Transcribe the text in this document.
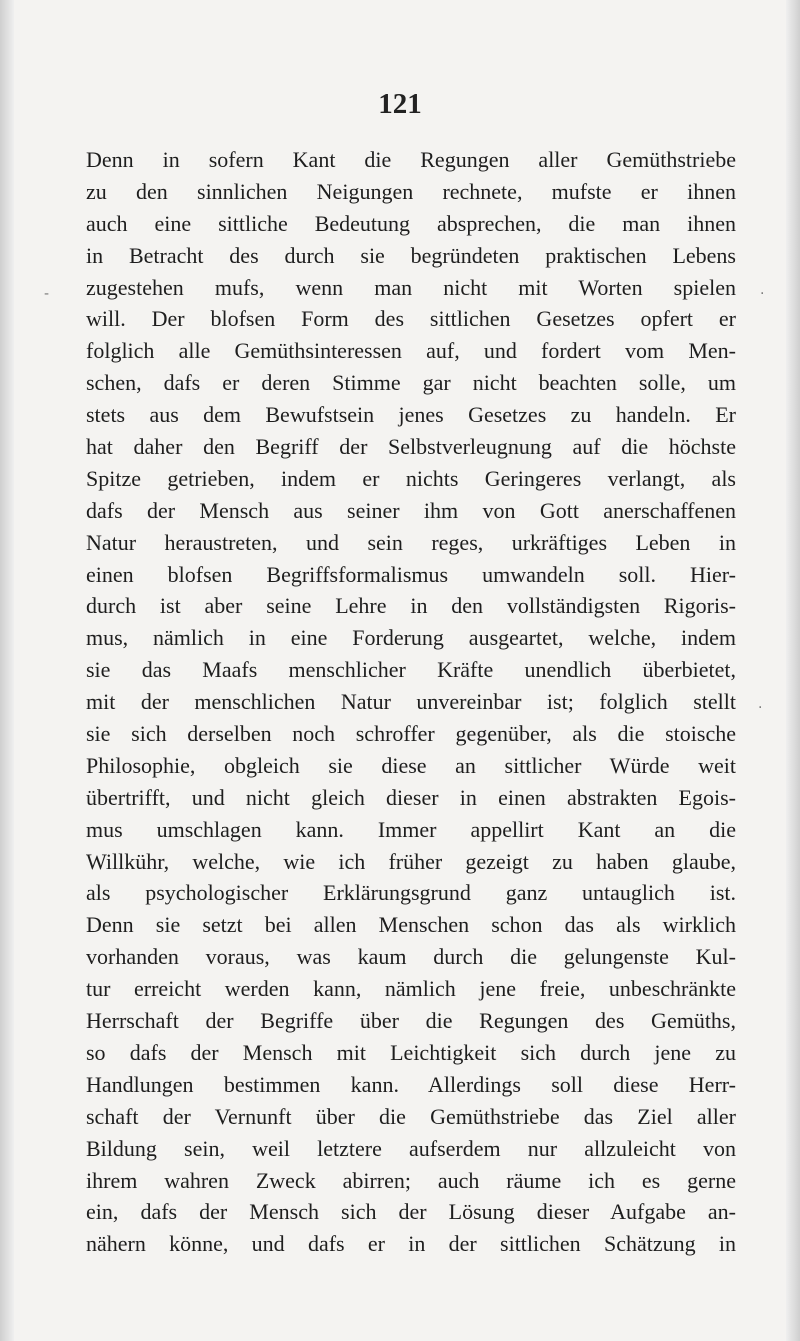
121
Denn in sofern Kant die Regungen aller Gemüthstriebe
zu den sinnlichen Neigungen rechnete, mufste er ihnen
auch eine sittliche Bedeutung absprechen, die man ihnen
in Betracht des durch sie begründeten praktischen Lebens
zugestehen mufs, wenn man nicht mit Worten spielen
will. Der blofsen Form des sittlichen Gesetzes opfert er
folglich alle Gemüthsinteressen auf, und fordert vom Men-
schen, dafs er deren Stimme gar nicht beachten solle, um
stets aus dem Bewufstsein jenes Gesetzes zu handeln. Er
hat daher den Begriff der Selbstverleugnung auf die höchste
Spitze getrieben, indem er nichts Geringeres verlangt, als
dafs der Mensch aus seiner ihm von Gott anerschaffenen
Natur heraustreten, und sein reges, urkräftiges Leben in
einen blofsen Begriffsformalismus umwandeln soll. Hier-
durch ist aber seine Lehre in den vollständigsten Rigoris-
mus, nämlich in eine Forderung ausgeartet, welche, indem
sie das Maafs menschlicher Kräfte unendlich überbietet,
mit der menschlichen Natur unvereinbar ist; folglich stellt
sie sich derselben noch schroffer gegenüber, als die stoische
Philosophie, obgleich sie diese an sittlicher Würde weit
übertrifft, und nicht gleich dieser in einen abstrakten Egois-
mus umschlagen kann. Immer appellirt Kant an die
Willkühr, welche, wie ich früher gezeigt zu haben glaube,
als psychologischer Erklärungsgrund ganz untauglich ist.
Denn sie setzt bei allen Menschen schon das als wirklich
vorhanden voraus, was kaum durch die gelungenste Kul-
tur erreicht werden kann, nämlich jene freie, unbeschränkte
Herrschaft der Begriffe über die Regungen des Gemüths,
so dafs der Mensch mit Leichtigkeit sich durch jene zu
Handlungen bestimmen kann. Allerdings soll diese Herr-
schaft der Vernunft über die Gemüthstriebe das Ziel aller
Bildung sein, weil letztere aufserdem nur allzuleicht von
ihrem wahren Zweck abirren; auch räume ich es gerne
ein, dafs der Mensch sich der Lösung dieser Aufgabe an-
nähern könne, und dafs er in der sittlichen Schätzung in
-	·
·
